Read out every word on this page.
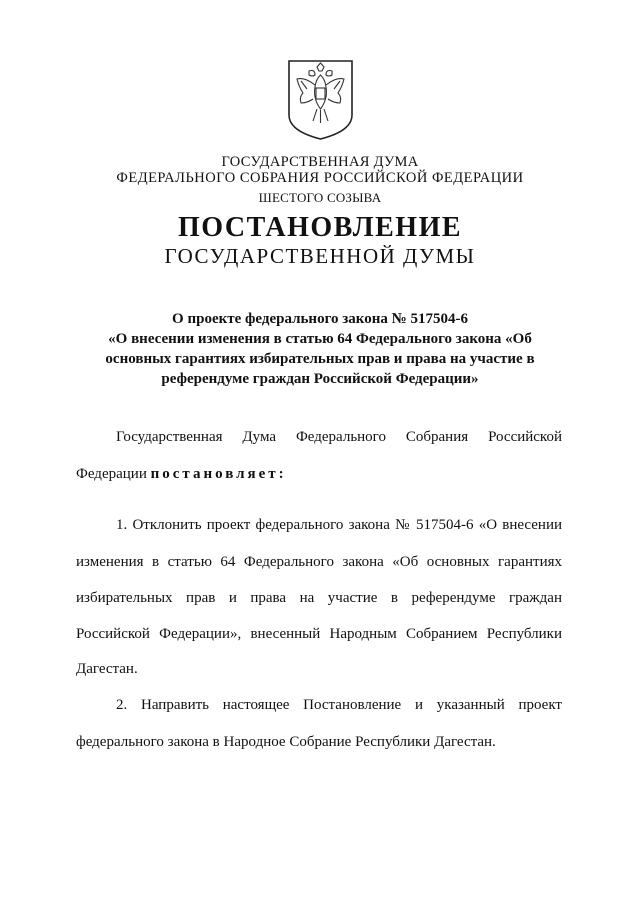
ГОСУДАРСТВЕННАЯ ДУМА
ФЕДЕРАЛЬНОГО СОБРАНИЯ РОССИЙСКОЙ ФЕДЕРАЦИИ
ШЕСТОГО СОЗЫВА
ПОСТАНОВЛЕНИЕ
ГОСУДАРСТВЕННОЙ ДУМЫ
О проекте федерального закона № 517504-6
«О внесении изменения в статью 64 Федерального закона «Об
основных гарантиях избирательных прав и права на участие в
референдуме граждан Российской Федерации»
Государственная Дума Федерального Собрания Российской
Федерации постановляет:
1. Отклонить проект федерального закона № 517504-6 «О внесении
изменения в статью 64 Федерального закона «Об основных гарантиях
избирательных прав и права на участие в референдуме граждан
Российской Федерации», внесенный Народным Собранием Республики
Дагестан.
2. Направить настоящее Постановление и указанный проект
федерального закона в Народное Собрание Республики Дагестан.
